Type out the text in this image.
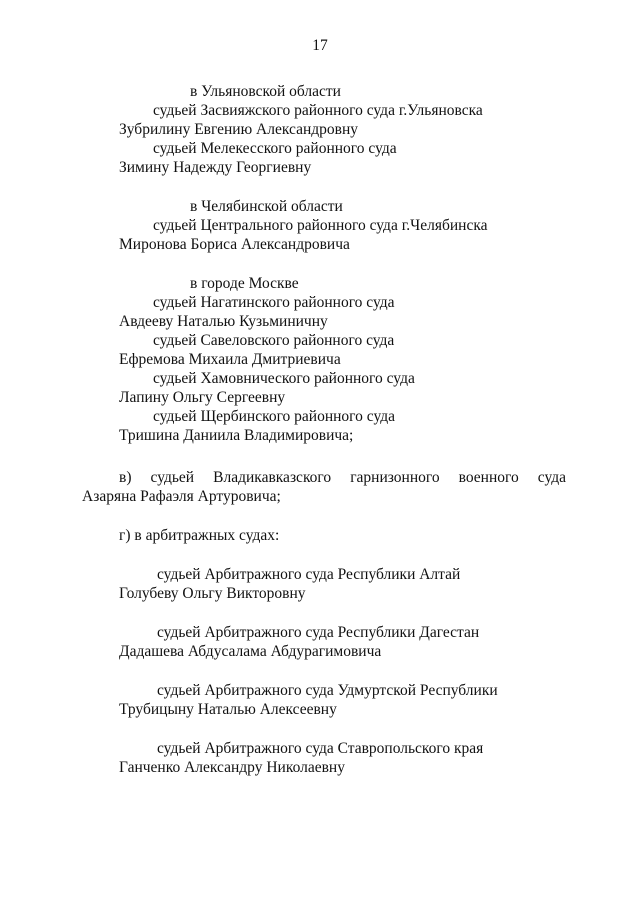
17
в Ульяновской области
судьей Засвияжского районного суда г.Ульяновска
Зубрилину Евгению Александровну
судьей Мелекесского районного суда
Зимину Надежду Георгиевну
в Челябинской области
судьей Центрального районного суда г.Челябинска
Миронова Бориса Александровича
в городе Москве
судьей Нагатинского районного суда
Авдееву Наталью Кузьминичну
судьей Савеловского районного суда
Ефремова Михаила Дмитриевича
судьей Хамовнического районного суда
Лапину Ольгу Сергеевну
судьей Щербинского районного суда
Тришина Даниила Владимировича;
в) судьей Владикавказского гарнизонного военного суда
Азаряна Рафаэля Артуровича;
г) в арбитражных судах:
судьей Арбитражного суда Республики Алтай
Голубеву Ольгу Викторовну
судьей Арбитражного суда Республики Дагестан
Дадашева Абдусалама Абдурагимовича
судьей Арбитражного суда Удмуртской Республики
Трубицыну Наталью Алексеевну
судьей Арбитражного суда Ставропольского края
Ганченко Александру Николаевну
